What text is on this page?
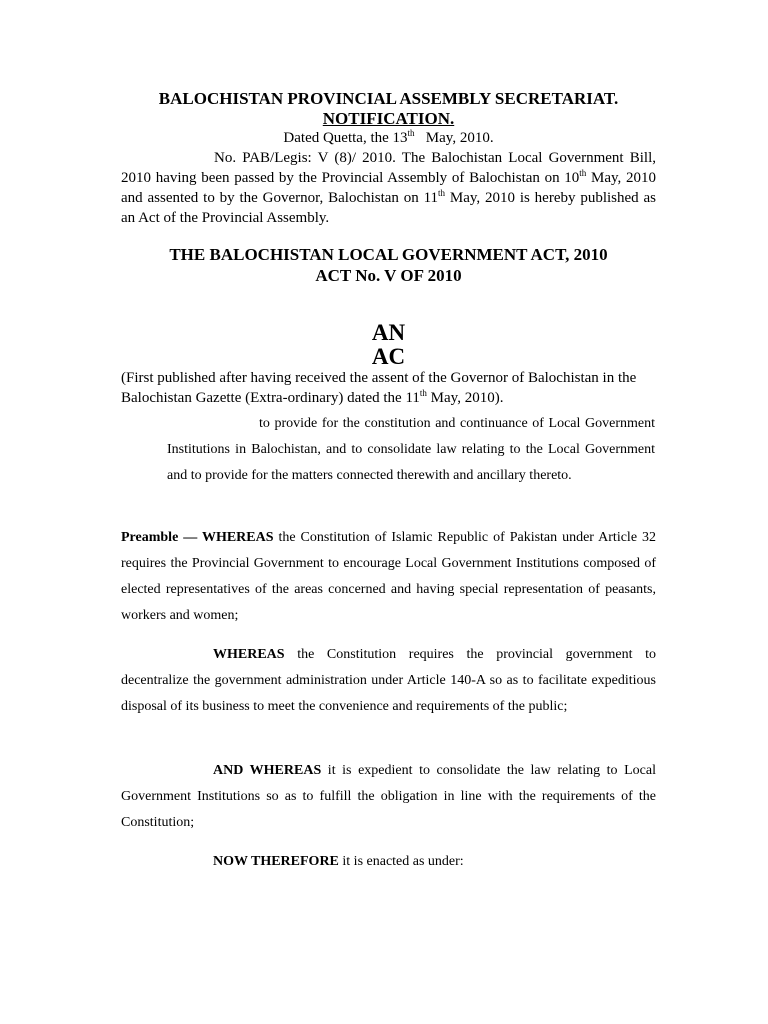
BALOCHISTAN PROVINCIAL ASSEMBLY SECRETARIAT.
NOTIFICATION.
Dated Quetta, the 13th May, 2010.
No. PAB/Legis: V (8)/ 2010. The Balochistan Local Government Bill, 2010 having been passed by the Provincial Assembly of Balochistan on 10th May, 2010 and assented to by the Governor, Balochistan on 11th May, 2010 is hereby published as an Act of the Provincial Assembly.
THE BALOCHISTAN LOCAL GOVERNMENT ACT, 2010
ACT No. V OF 2010
AN
AC
(First published after having received the assent of the Governor of Balochistan in the Balochistan Gazette (Extra-ordinary) dated the 11th May, 2010).
to provide for the constitution and continuance of Local Government Institutions in Balochistan, and to consolidate law relating to the Local Government and to provide for the matters connected therewith and ancillary thereto.
Preamble — WHEREAS the Constitution of Islamic Republic of Pakistan under Article 32 requires the Provincial Government to encourage Local Government Institutions composed of elected representatives of the areas concerned and having special representation of peasants, workers and women;
WHEREAS the Constitution requires the provincial government to decentralize the government administration under Article 140-A so as to facilitate expeditious disposal of its business to meet the convenience and requirements of the public;
AND WHEREAS it is expedient to consolidate the law relating to Local Government Institutions so as to fulfill the obligation in line with the requirements of the Constitution;
NOW THEREFORE it is enacted as under:
